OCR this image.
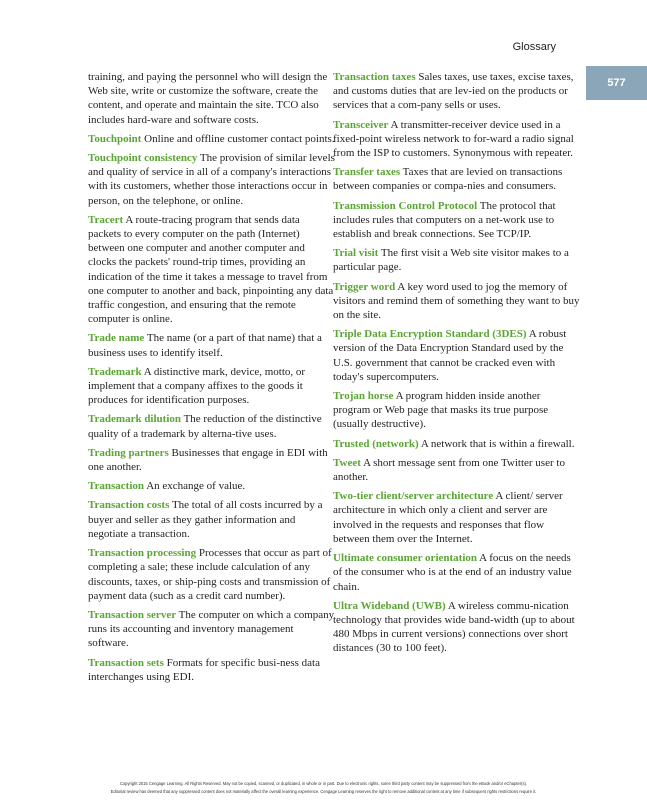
Glossary
577

training, and paying the personnel who will design the Web site, write or customize the software, create the content, and operate and maintain the site. TCO also includes hard-ware and software costs.

Touchpoint Online and offline customer contact points.

Touchpoint consistency The provision of similar levels and quality of service in all of a company's interactions with its customers, whether those interactions occur in person, on the telephone, or online.

Tracert A route-tracing program that sends data packets to every computer on the path (Internet) between one computer and another computer and clocks the packets' round-trip times, providing an indication of the time it takes a message to travel from one computer to another and back, pinpointing any data traffic congestion, and ensuring that the remote computer is online.

Trade name The name (or a part of that name) that a business uses to identify itself.

Trademark A distinctive mark, device, motto, or implement that a company affixes to the goods it produces for identification purposes.

Trademark dilution The reduction of the distinctive quality of a trademark by alterna-tive uses.

Trading partners Businesses that engage in EDI with one another.

Transaction An exchange of value.

Transaction costs The total of all costs incurred by a buyer and seller as they gather information and negotiate a transaction.

Transaction processing Processes that occur as part of completing a sale; these include calculation of any discounts, taxes, or ship-ping costs and transmission of payment data (such as a credit card number).

Transaction server The computer on which a company runs its accounting and inventory management software.

Transaction sets Formats for specific busi-ness data interchanges using EDI.

Transaction taxes Sales taxes, use taxes, excise taxes, and customs duties that are lev-ied on the products or services that a com-pany sells or uses.

Transceiver A transmitter-receiver device used in a fixed-point wireless network to for-ward a radio signal from the ISP to customers. Synonymous with repeater.

Transfer taxes Taxes that are levied on transactions between companies or compa-nies and consumers.

Transmission Control Protocol The protocol that includes rules that computers on a net-work use to establish and break connections. See TCP/IP.

Trial visit The first visit a Web site visitor makes to a particular page.

Trigger word A key word used to jog the memory of visitors and remind them of something they want to buy on the site.

Triple Data Encryption Standard (3DES) A robust version of the Data Encryption Standard used by the U.S. government that cannot be cracked even with today's supercomputers.

Trojan horse A program hidden inside another program or Web page that masks its true purpose (usually destructive).

Trusted (network) A network that is within a firewall.

Tweet A short message sent from one Twitter user to another.

Two-tier client/server architecture A client/ server architecture in which only a client and server are involved in the requests and responses that flow between them over the Internet.

Ultimate consumer orientation A focus on the needs of the consumer who is at the end of an industry value chain.

Ultra Wideband (UWB) A wireless commu-nication technology that provides wide band-width (up to about 480 Mbps in current versions) connections over short distances (30 to 100 feet).

Copyright 2015 Cengage Learning. All Rights Reserved. May not be copied, scanned, or duplicated, in whole or in part. Due to electronic rights, some third party content may be suppressed from the eBook and/or eChapter(s).
Editorial review has deemed that any suppressed content does not materially affect the overall learning experience. Cengage Learning reserves the right to remove additional content at any time if subsequent rights restrictions require it.
